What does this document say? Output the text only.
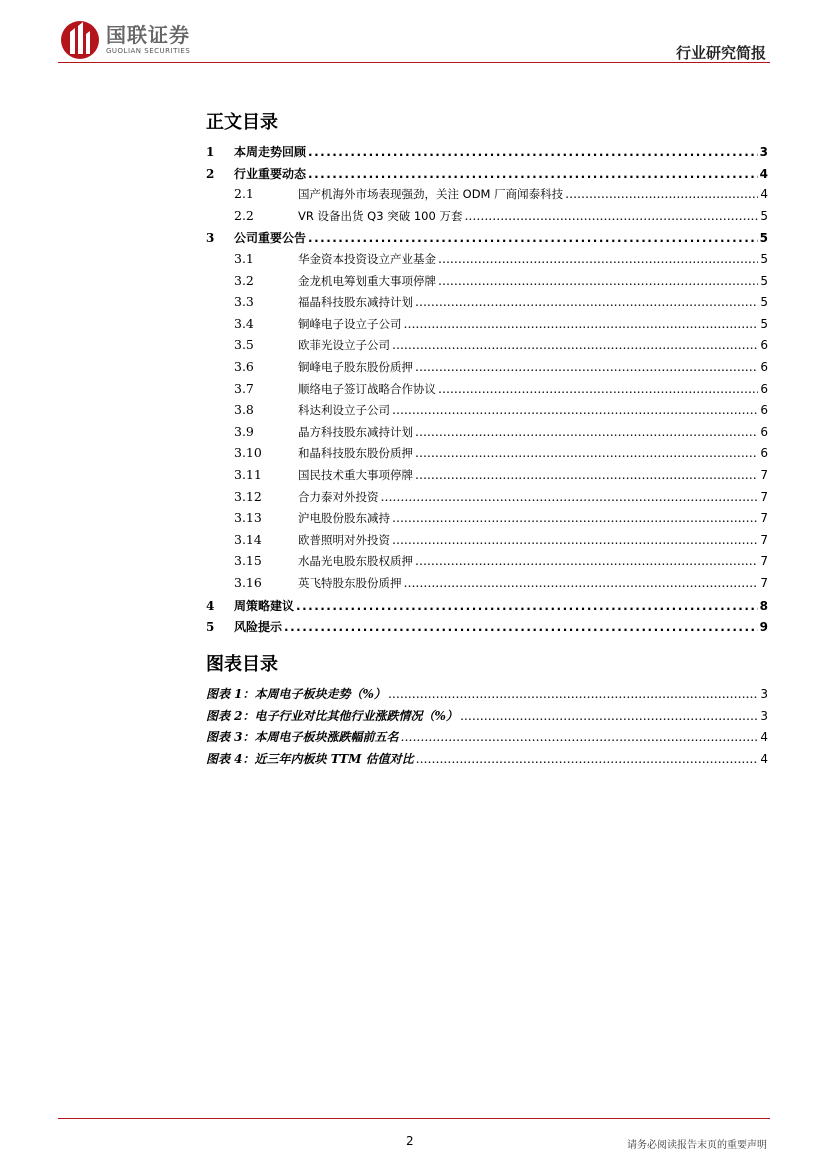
国联证券
GUOLIAN SECURITIES	行业研究简报
正文目录
1	本周走势回顾 .....	3
2	行业重要动态 .....	4
2.1	国产机海外市场表现强劲，关注 ODM 厂商闻泰科技 .....	4
2.2	VR 设备出货 Q3 突破 100 万套 .....	5
3	公司重要公告 .....	5
3.1	华金资本投资设立产业基金 .....	5
3.2	金龙机电筹划重大事项停牌 .....	5
3.3	福晶科技股东减持计划 .....	5
3.4	铜峰电子设立子公司 .....	5
3.5	欧菲光设立子公司 .....	6
3.6	铜峰电子股东股份质押 .....	6
3.7	顺络电子签订战略合作协议 .....	6
3.8	科达利设立子公司 .....	6
3.9	晶方科技股东减持计划 .....	6
3.10	和晶科技股东股份质押 .....	6
3.11	国民技术重大事项停牌 .....	7
3.12	合力泰对外投资 .....	7
3.13	沪电股份股东减持 .....	7
3.14	欧普照明对外投资 .....	7
3.15	水晶光电股东股权质押 .....	7
3.16	英飞特股东股份质押 .....	7
4	周策略建议 .....	8
5	风险提示 .....	9
图表目录
图表 1：本周电子板块走势（%） .....	3
图表 2：电子行业对比其他行业涨跌情况（%） .....	3
图表 3：本周电子板块涨跌幅前五名 .....	4
图表 4：近三年内板块 TTM 估值对比 .....	4
2	请务必阅读报告末页的重要声明
